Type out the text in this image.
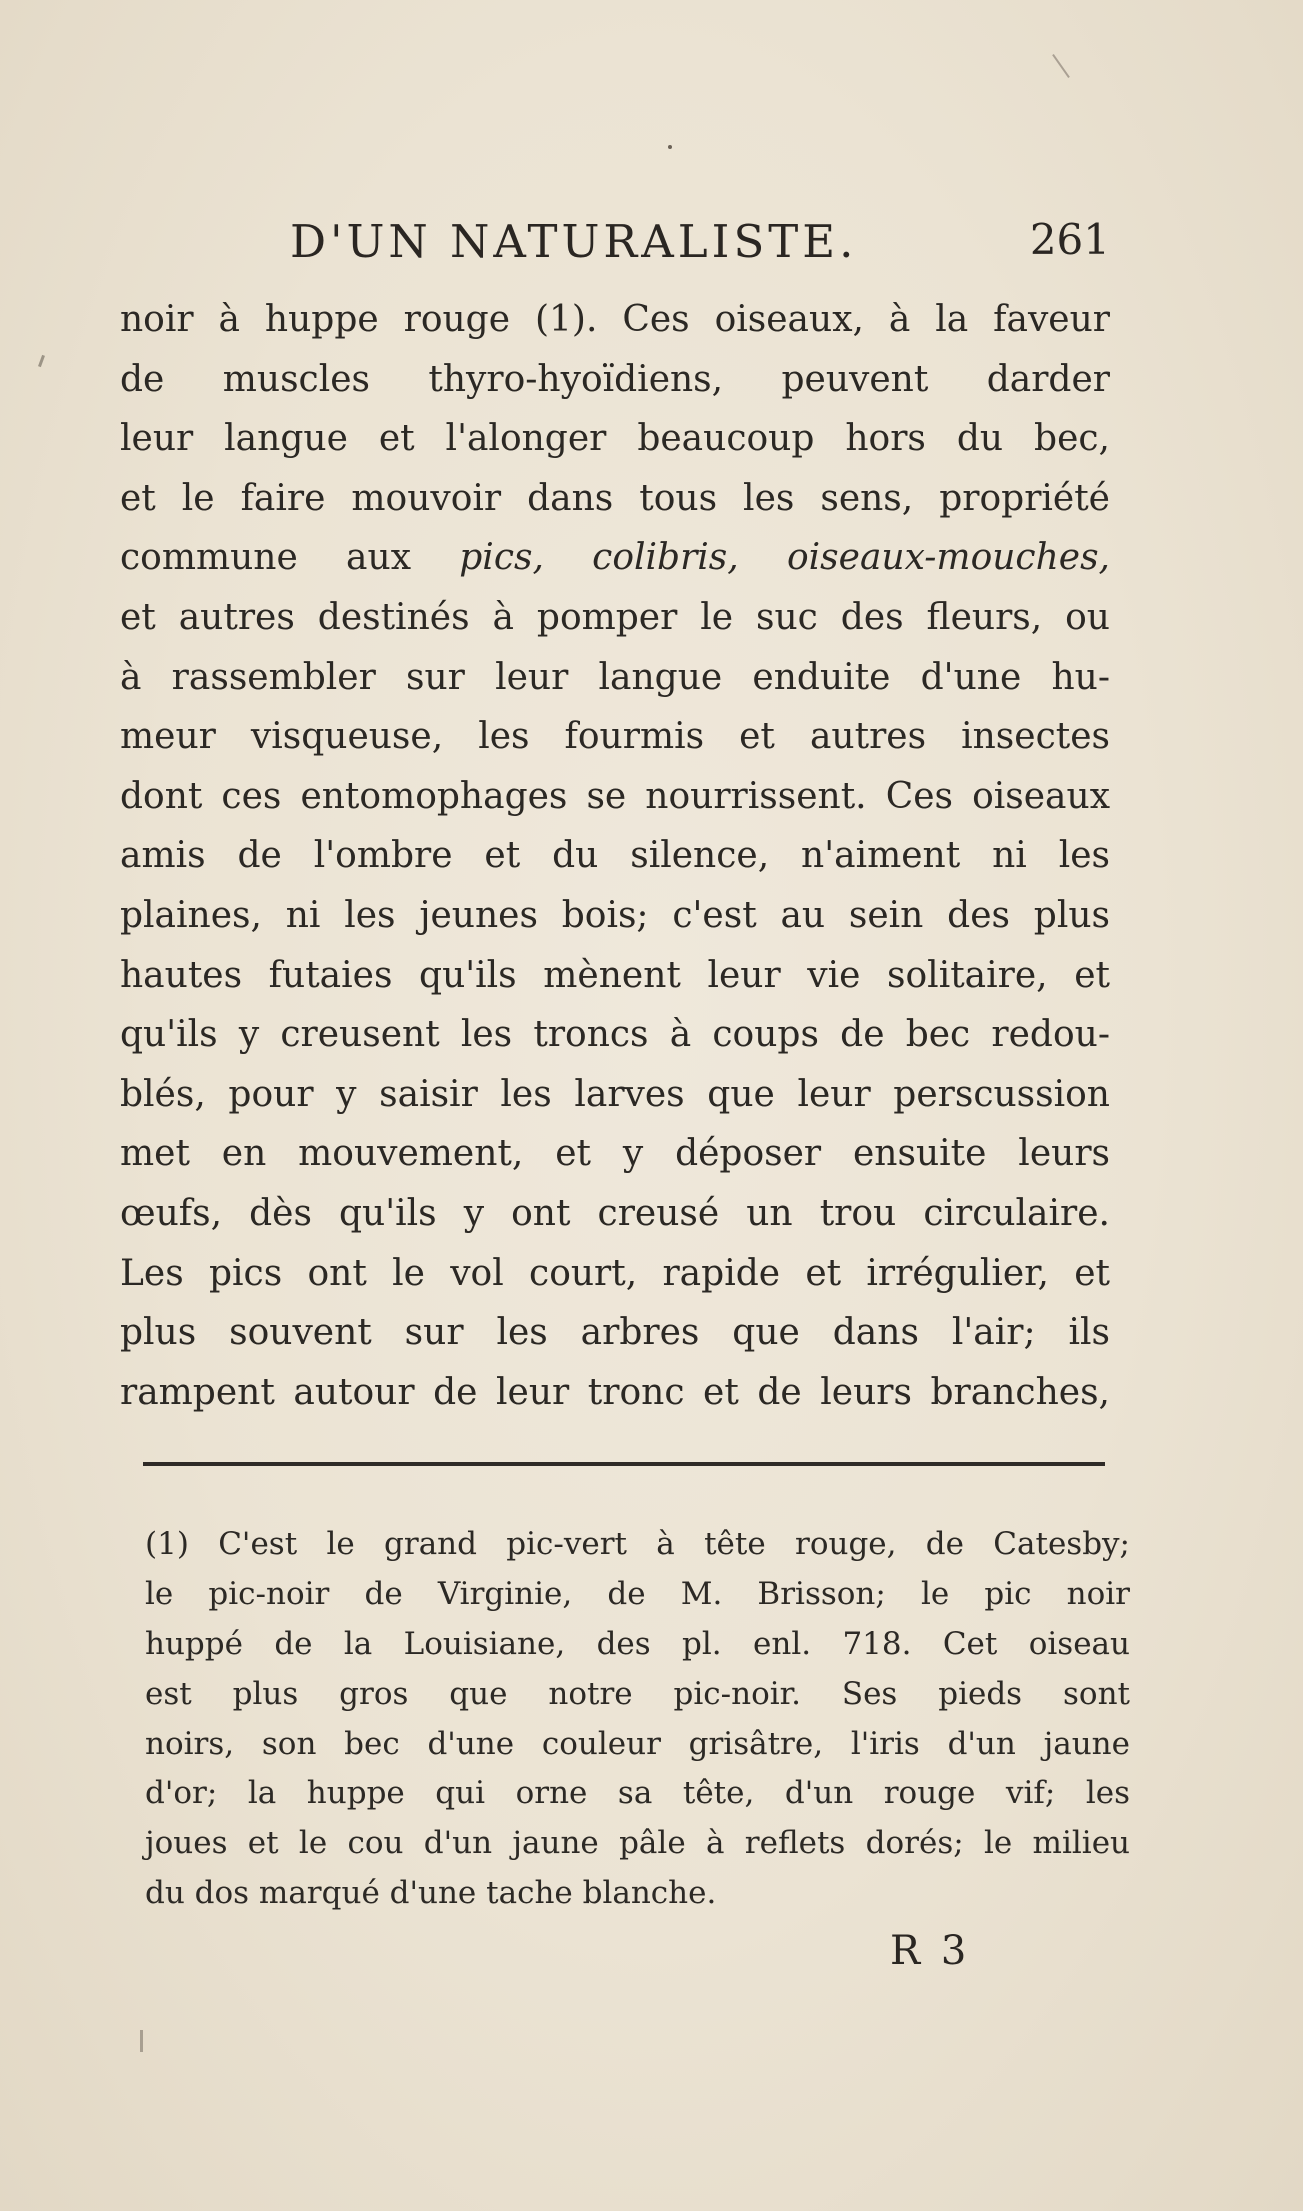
D'UN NATURALISTE.	261
noir à huppe rouge (1). Ces oiseaux, à la faveur
de muscles thyro-hyoïdiens, peuvent darder
leur langue et l'alonger beaucoup hors du bec,
et le faire mouvoir dans tous les sens, propriété
commune aux pics, colibris, oiseaux-mouches,
et autres destinés à pomper le suc des fleurs, ou
à rassembler sur leur langue enduite d'une hu-
meur visqueuse, les fourmis et autres insectes
dont ces entomophages se nourrissent. Ces oiseaux
amis de l'ombre et du silence, n'aiment ni les
plaines, ni les jeunes bois; c'est au sein des plus
hautes futaies qu'ils mènent leur vie solitaire, et
qu'ils y creusent les troncs à coups de bec redou-
blés, pour y saisir les larves que leur perscussion
met en mouvement, et y déposer ensuite leurs
œufs, dès qu'ils y ont creusé un trou circulaire.
Les pics ont le vol court, rapide et irrégulier, et
plus souvent sur les arbres que dans l'air; ils
rampent autour de leur tronc et de leurs branches,
(1) C'est le grand pic-vert à tête rouge, de Catesby;
le pic-noir de Virginie, de M. Brisson; le pic noir
huppé de la Louisiane, des pl. enl. 718. Cet oiseau
est plus gros que notre pic-noir. Ses pieds sont
noirs, son bec d'une couleur grisâtre, l'iris d'un jaune
d'or; la huppe qui orne sa tête, d'un rouge vif; les
joues et le cou d'un jaune pâle à reflets dorés; le milieu
du dos marqué d'une tache blanche.
R 3
